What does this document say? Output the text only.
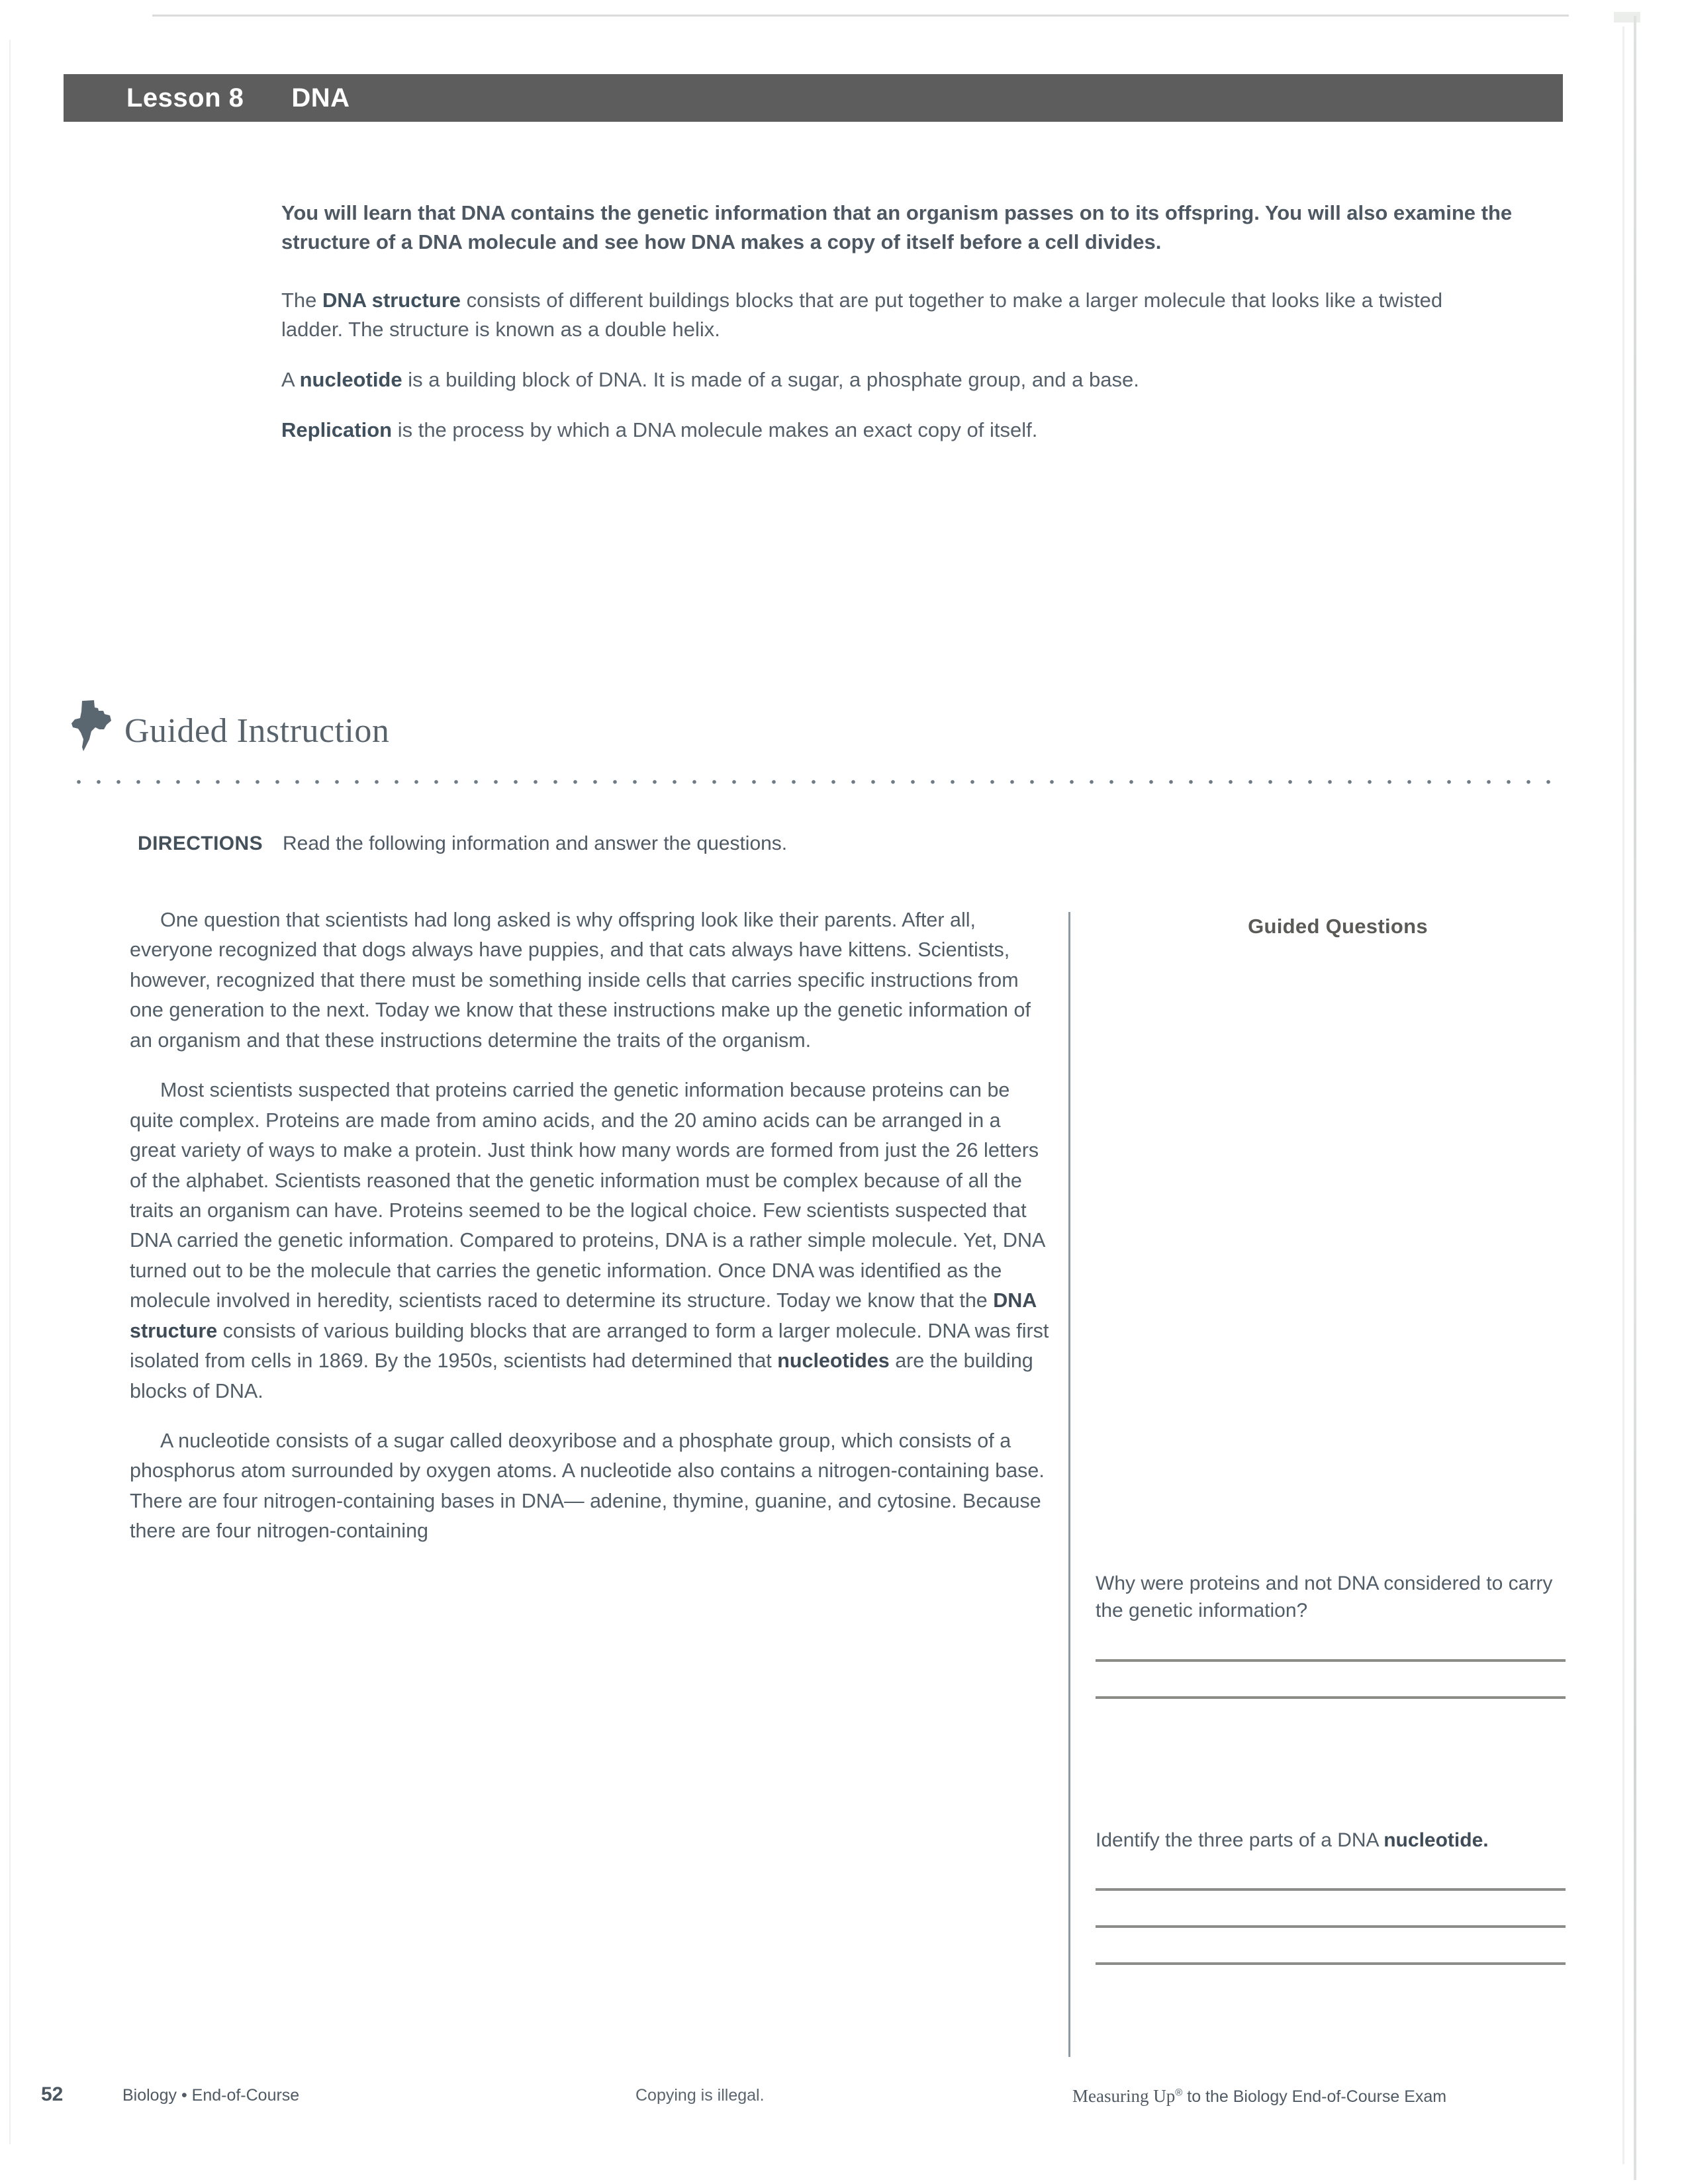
Lesson 8 DNA

You will learn that DNA contains the genetic information that an organism passes on to its offspring. You will also examine the structure of a DNA molecule and see how DNA makes a copy of itself before a cell divides.

The DNA structure consists of different buildings blocks that are put together to make a larger molecule that looks like a twisted ladder. The structure is known as a double helix.

A nucleotide is a building block of DNA. It is made of a sugar, a phosphate group, and a base.

Replication is the process by which a DNA molecule makes an exact copy of itself.

Guided Instruction
DIRECTIONS Read the following information and answer the questions.

One question that scientists had long asked is why offspring look like their parents. After all, everyone recognized that dogs always have puppies, and that cats always have kittens. Scientists, however, recognized that there must be something inside cells that carries specific instructions from one generation to the next. Today we know that these instructions make up the genetic information of an organism and that these instructions determine the traits of the organism.

Most scientists suspected that proteins carried the genetic information because proteins can be quite complex. Proteins are made from amino acids, and the 20 amino acids can be arranged in a great variety of ways to make a protein. Just think how many words are formed from just the 26 letters of the alphabet. Scientists reasoned that the genetic information must be complex because of all the traits an organism can have. Proteins seemed to be the logical choice. Few scientists suspected that DNA carried the genetic information. Compared to proteins, DNA is a rather simple molecule. Yet, DNA turned out to be the molecule that carries the genetic information. Once DNA was identified as the molecule involved in heredity, scientists raced to determine its structure. Today we know that the DNA structure consists of various building blocks that are arranged to form a larger molecule. DNA was first isolated from cells in 1869. By the 1950s, scientists had determined that nucleotides are the building blocks of DNA.

A nucleotide consists of a sugar called deoxyribose and a phosphate group, which consists of a phosphorus atom surrounded by oxygen atoms. A nucleotide also contains a nitrogen-containing base. There are four nitrogen-containing bases in DNA— adenine, thymine, guanine, and cytosine. Because there are four nitrogen-containing

Guided Questions

Why were proteins and not DNA considered to carry the genetic information?

Identify the three parts of a DNA nucleotide.

52	Biology • End-of-Course	Copying is illegal.	Measuring Up® to the Biology End-of-Course Exam
